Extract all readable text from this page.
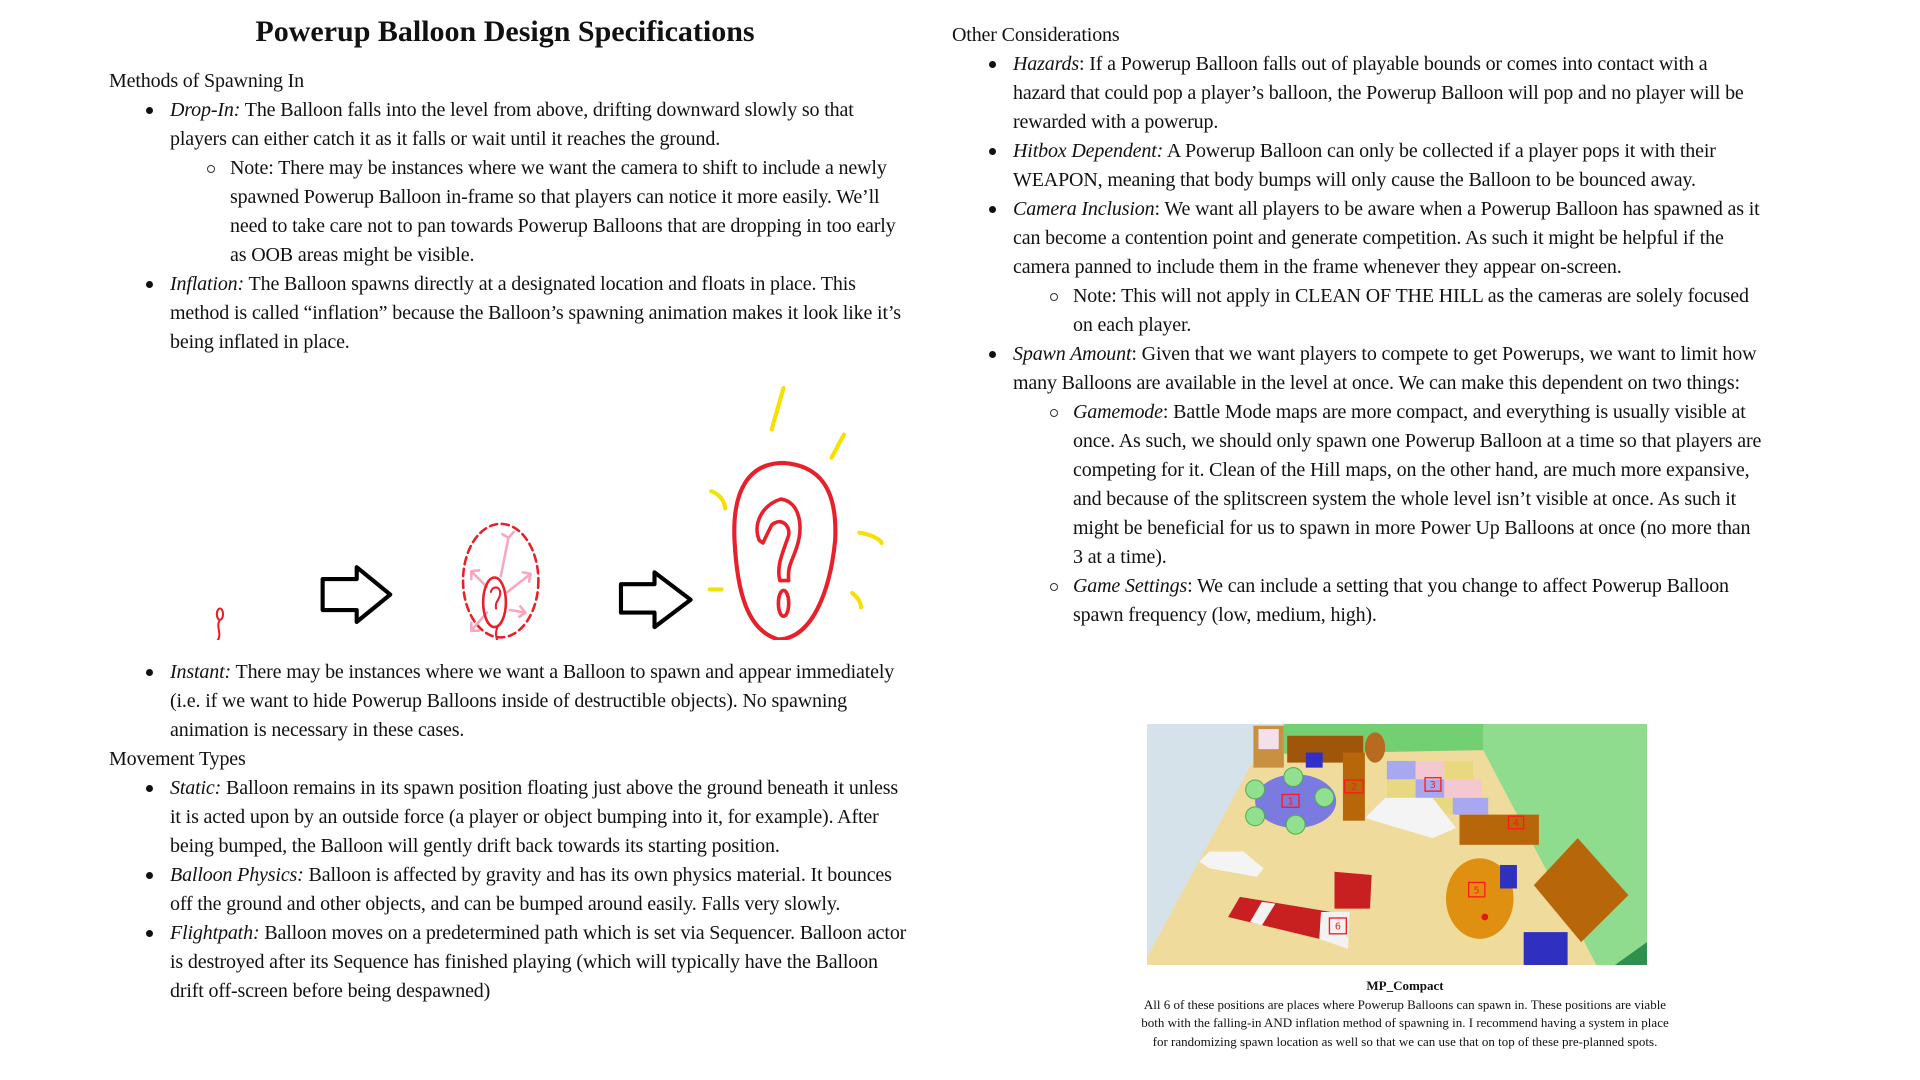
Powerup Balloon Design Specifications

Methods of Spawning In

Drop-In: The Balloon falls into the level from above, drifting downward slowly so that players can either catch it as it falls or wait until it reaches the ground.
Note: There may be instances where we want the camera to shift to include a newly spawned Powerup Balloon in-frame so that players can notice it more easily. We’ll need to take care not to pan towards Powerup Balloons that are dropping in too early as OOB areas might be visible.
Inflation: The Balloon spawns directly at a designated location and floats in place. This method is called “inflation” because the Balloon’s spawning animation makes it look like it’s being inflated in place.
Instant: There may be instances where we want a Balloon to spawn and appear immediately (i.e. if we want to hide Powerup Balloons inside of destructible objects). No spawning animation is necessary in these cases.

Movement Types

Static: Balloon remains in its spawn position floating just above the ground beneath it unless it is acted upon by an outside force (a player or object bumping into it, for example). After being bumped, the Balloon will gently drift back towards its starting position.
Balloon Physics: Balloon is affected by gravity and has its own physics material. It bounces off the ground and other objects, and can be bumped around easily. Falls very slowly.
Flightpath: Balloon moves on a predetermined path which is set via Sequencer. Balloon actor is destroyed after its Sequence has finished playing (which will typically have the Balloon drift off-screen before being despawned)

Other Considerations

Hazards: If a Powerup Balloon falls out of playable bounds or comes into contact with a hazard that could pop a player’s balloon, the Powerup Balloon will pop and no player will be rewarded with a powerup.
Hitbox Dependent: A Powerup Balloon can only be collected if a player pops it with their WEAPON, meaning that body bumps will only cause the Balloon to be bounced away.
Camera Inclusion: We want all players to be aware when a Powerup Balloon has spawned as it can become a contention point and generate competition. As such it might be helpful if the camera panned to include them in the frame whenever they appear on-screen.
Note: This will not apply in CLEAN OF THE HILL as the cameras are solely focused on each player.
Spawn Amount: Given that we want players to compete to get Powerups, we want to limit how many Balloons are available in the level at once. We can make this dependent on two things:
Gamemode: Battle Mode maps are more compact, and everything is usually visible at once. As such, we should only spawn one Powerup Balloon at a time so that players are competing for it. Clean of the Hill maps, on the other hand, are much more expansive, and because of the splitscreen system the whole level isn’t visible at once. As such it might be beneficial for us to spawn in more Power Up Balloons at once (no more than 3 at a time).
Game Settings: We can include a setting that you change to affect Powerup Balloon spawn frequency (low, medium, high).
1
2 3
4
5
6
MP_Compact
All 6 of these positions are places where Powerup Balloons can spawn in. These positions are viable both with the falling-in AND inflation method of spawning in. I recommend having a system in place for randomizing spawn location as well so that we can use that on top of these pre-planned spots.
